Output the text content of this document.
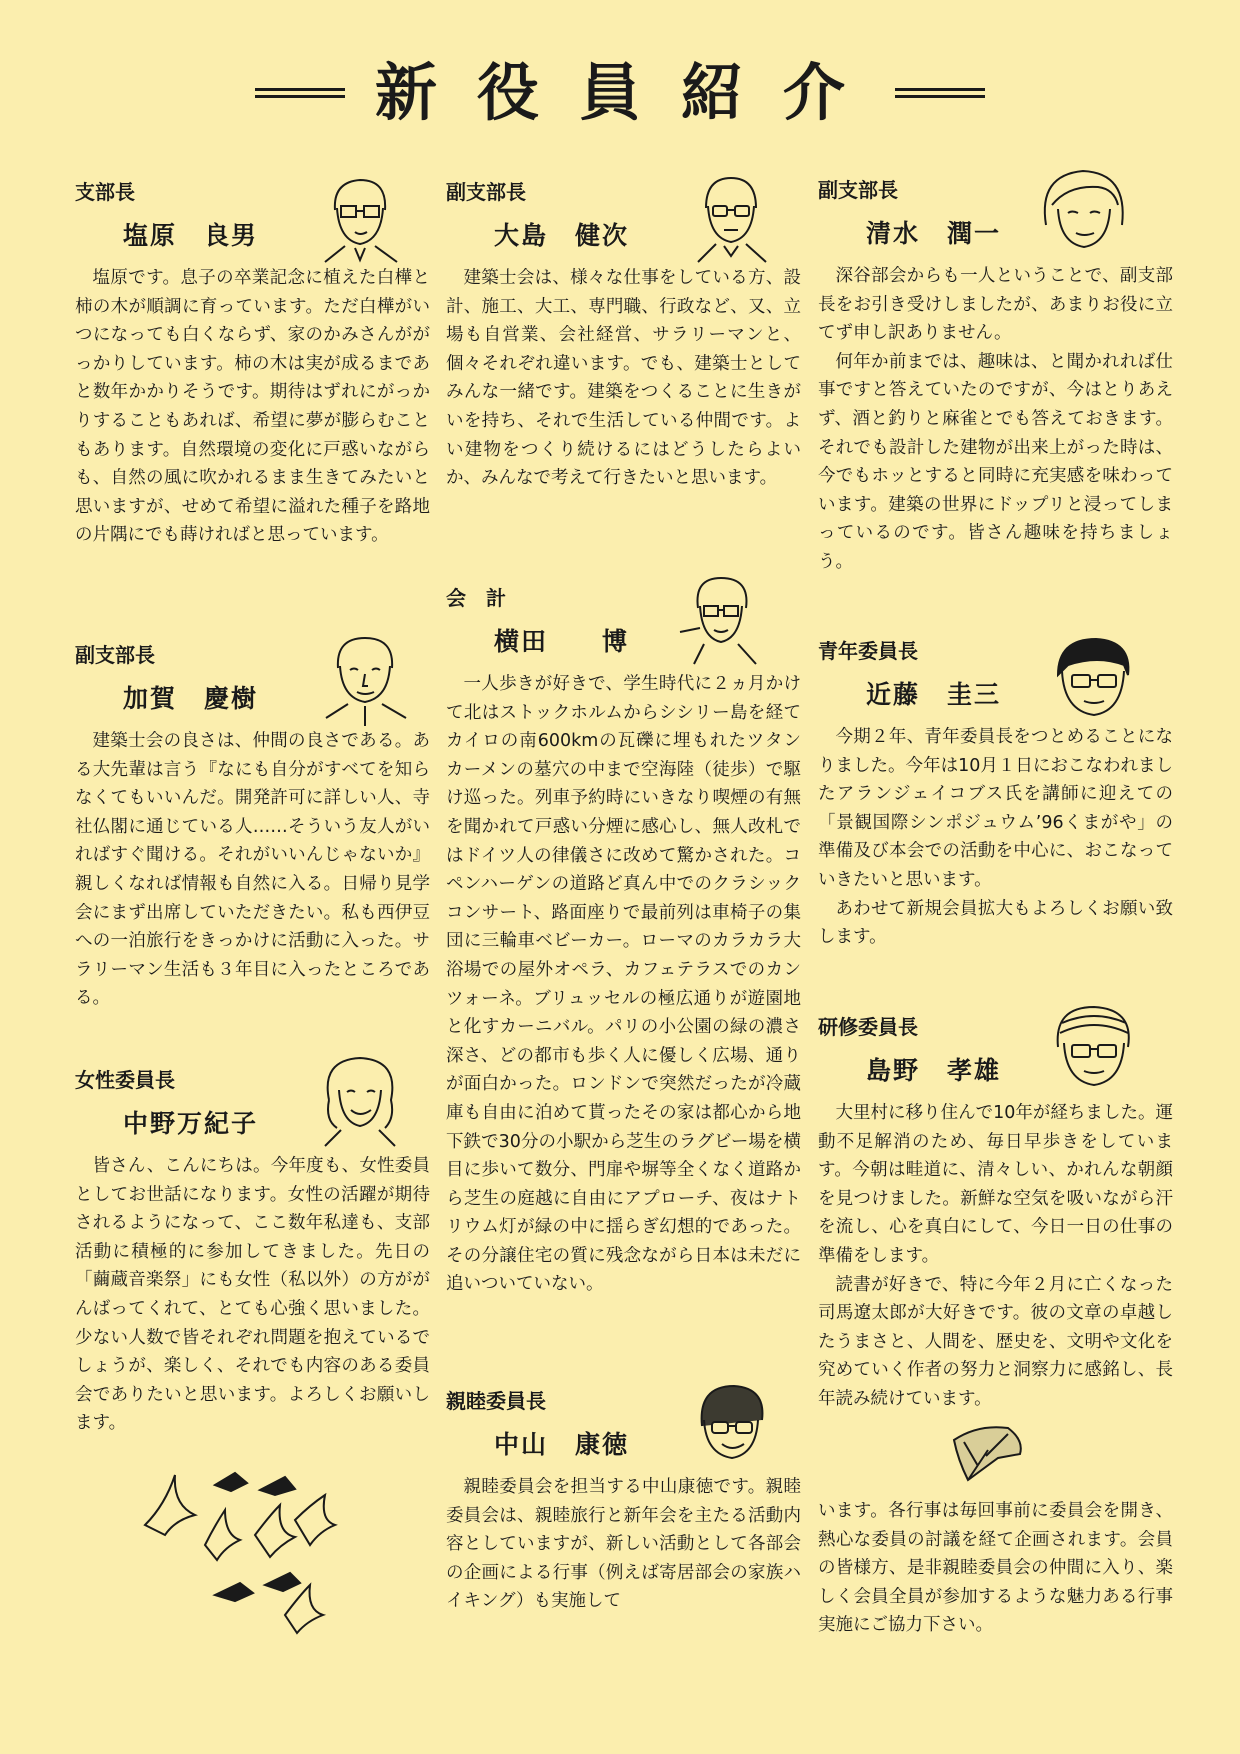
新役員紹介
支部長
塩原　良男
塩原です。息子の卒業記念に植えた白樺と柿の木が順調に育っています。ただ白樺がいつになっても白くならず、家のかみさんががっかりしています。柿の木は実が成るまであと数年かかりそうです。期待はずれにがっかりすることもあれば、希望に夢が膨らむこともあります。自然環境の変化に戸惑いながらも、自然の風に吹かれるまま生きてみたいと思いますが、せめて希望に溢れた種子を路地の片隅にでも蒔ければと思っています。
副支部長
加賀　慶樹
建築士会の良さは、仲間の良さである。ある大先輩は言う『なにも自分がすべてを知らなくてもいいんだ。開発許可に詳しい人、寺社仏閣に通じている人……そういう友人がいればすぐ聞ける。それがいいんじゃないか』親しくなれば情報も自然に入る。日帰り見学会にまず出席していただきたい。私も西伊豆への一泊旅行をきっかけに活動に入った。サラリーマン生活も３年目に入ったところである。
女性委員長
中野万紀子
皆さん、こんにちは。今年度も、女性委員としてお世話になります。女性の活躍が期待されるようになって、ここ数年私達も、支部活動に積極的に参加してきました。先日の「繭蔵音楽祭」にも女性（私以外）の方ががんばってくれて、とても心強く思いました。少ない人数で皆それぞれ問題を抱えているでしょうが、楽しく、それでも内容のある委員会でありたいと思います。よろしくお願いします。
副支部長
大島　健次
建築士会は、様々な仕事をしている方、設計、施工、大工、専門職、行政など、又、立場も自営業、会社経営、サラリーマンと、個々それぞれ違います。でも、建築士としてみんな一緒です。建築をつくることに生きがいを持ち、それで生活している仲間です。よい建物をつくり続けるにはどうしたらよいか、みんなで考えて行きたいと思います。
会　計
横田　　博
一人歩きが好きで、学生時代に２ヵ月かけて北はストックホルムからシシリー島を経てカイロの南600kmの瓦礫に埋もれたツタンカーメンの墓穴の中まで空海陸（徒歩）で駆け巡った。列車予約時にいきなり喫煙の有無を聞かれて戸惑い分煙に感心し、無人改札ではドイツ人の律儀さに改めて驚かされた。コペンハーゲンの道路ど真ん中でのクラシックコンサート、路面座りで最前列は車椅子の集団に三輪車ベビーカー。ローマのカラカラ大浴場での屋外オペラ、カフェテラスでのカンツォーネ。ブリュッセルの極広通りが遊園地と化すカーニバル。パリの小公園の緑の濃さ深さ、どの都市も歩く人に優しく広場、通りが面白かった。ロンドンで突然だったが冷蔵庫も自由に泊めて貰ったその家は都心から地下鉄で30分の小駅から芝生のラグビー場を横目に歩いて数分、門扉や塀等全くなく道路から芝生の庭越に自由にアプローチ、夜はナトリウム灯が緑の中に揺らぎ幻想的であった。その分譲住宅の質に残念ながら日本は未だに追いついていない。
親睦委員長
中山　康徳
親睦委員会を担当する中山康徳です。親睦委員会は、親睦旅行と新年会を主たる活動内容としていますが、新しい活動として各部会の企画による行事（例えば寄居部会の家族ハイキング）も実施して
副支部長
清水　潤一
深谷部会からも一人ということで、副支部長をお引き受けしましたが、あまりお役に立てず申し訳ありません。
何年か前までは、趣味は、と聞かれれば仕事ですと答えていたのですが、今はとりあえず、酒と釣りと麻雀とでも答えておきます。それでも設計した建物が出来上がった時は、今でもホッとすると同時に充実感を味わっています。建築の世界にドップリと浸ってしまっているのです。皆さん趣味を持ちましょう。
青年委員長
近藤　圭三
今期２年、青年委員長をつとめることになりました。今年は10月１日におこなわれましたアランジェイコブス氏を講師に迎えての「景観国際シンポジュウム’96くまがや」の準備及び本会での活動を中心に、おこなっていきたいと思います。
あわせて新規会員拡大もよろしくお願い致します。
研修委員長
島野　孝雄
大里村に移り住んで10年が経ちました。運動不足解消のため、毎日早歩きをしています。今朝は畦道に、清々しい、かれんな朝顔を見つけました。新鮮な空気を吸いながら汗を流し、心を真白にして、今日一日の仕事の準備をします。
読書が好きで、特に今年２月に亡くなった司馬遼太郎が大好きです。彼の文章の卓越したうまさと、人間を、歴史を、文明や文化を究めていく作者の努力と洞察力に感銘し、長年読み続けています。
います。各行事は毎回事前に委員会を開き、熱心な委員の討議を経て企画されます。会員の皆様方、是非親睦委員会の仲間に入り、楽しく会員全員が参加するような魅力ある行事実施にご協力下さい。
